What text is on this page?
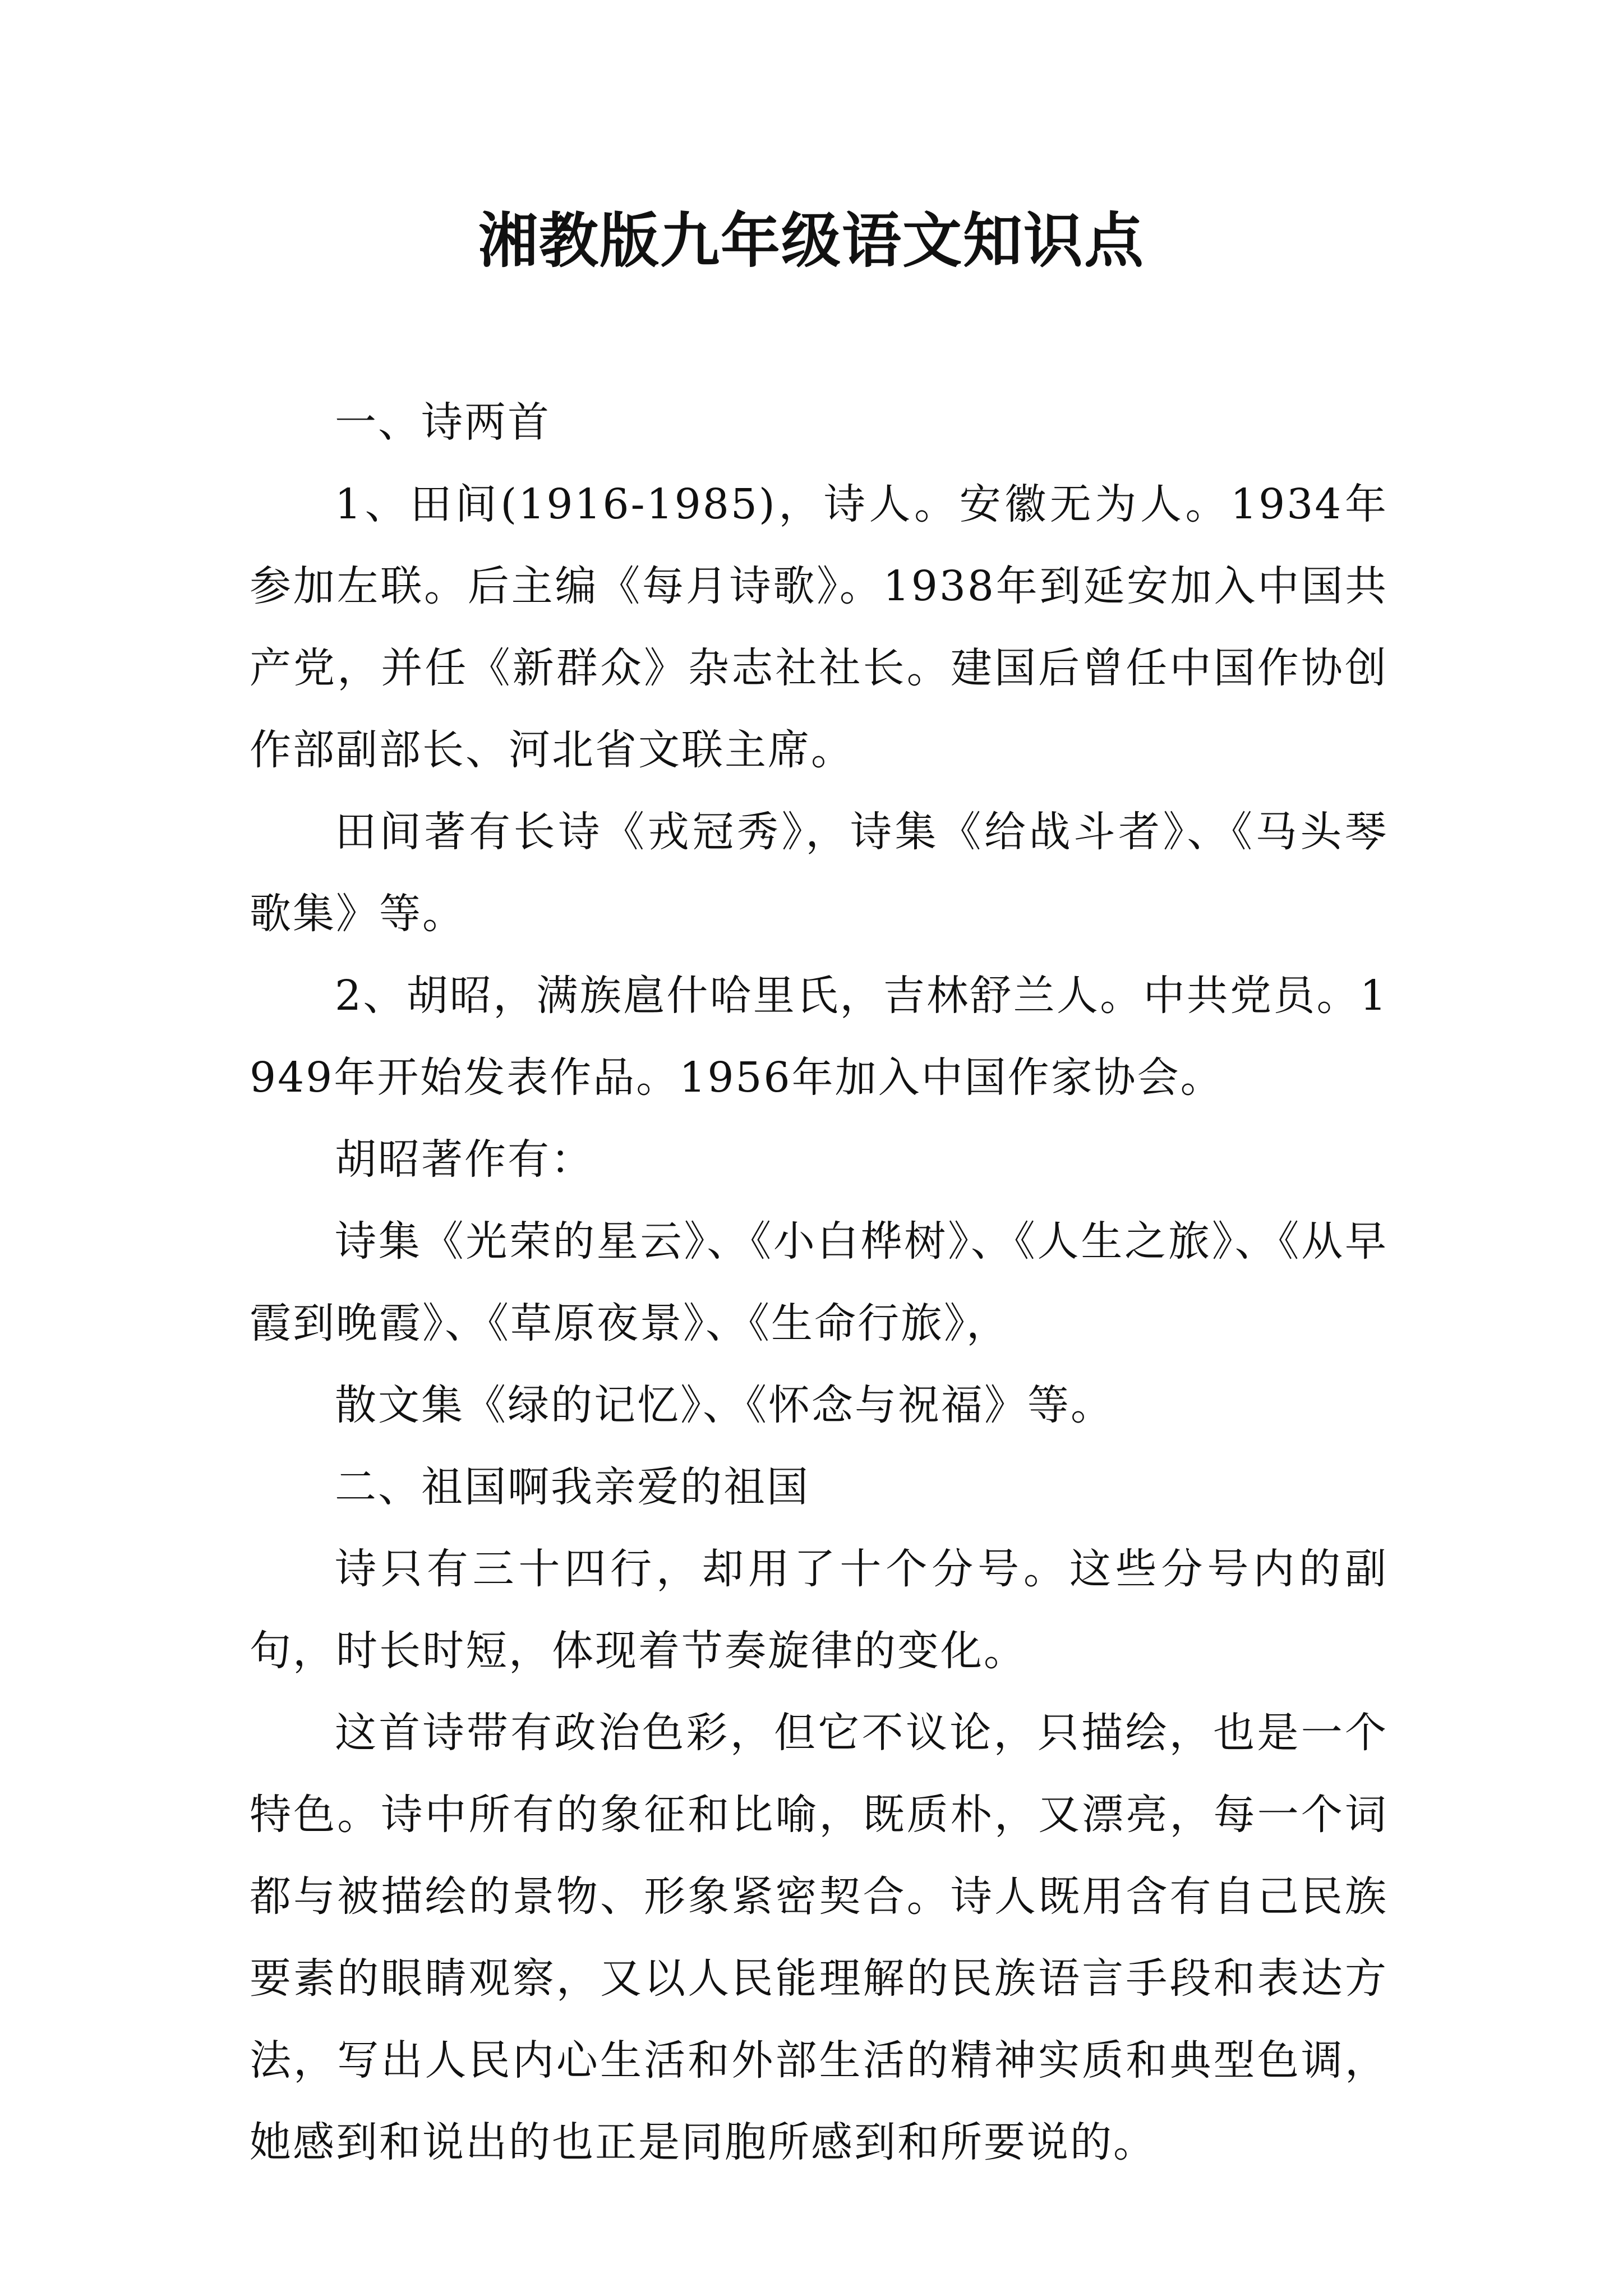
湘教版九年级语文知识点

一、诗两首

1、田间(1916-1985)，诗人。安徽无为人。1934年参加左联。后主编《每月诗歌》。1938年到延安加入中国共产党，并任《新群众》杂志社社长。建国后曾任中国作协创作部副部长、河北省文联主席。

田间著有长诗《戎冠秀》，诗集《给战斗者》、《马头琴歌集》等。

2、胡昭，满族扈什哈里氏，吉林舒兰人。中共党员。1949年开始发表作品。1956年加入中国作家协会。

胡昭著作有：

诗集《光荣的星云》、《小白桦树》、《人生之旅》、《从早霞到晚霞》、《草原夜景》、《生命行旅》，

散文集《绿的记忆》、《怀念与祝福》等。

二、祖国啊我亲爱的祖国

诗只有三十四行，却用了十个分号。这些分号内的副句，时长时短，体现着节奏旋律的变化。

这首诗带有政治色彩，但它不议论，只描绘，也是一个特色。诗中所有的象征和比喻，既质朴，又漂亮，每一个词都与被描绘的景物、形象紧密契合。诗人既用含有自己民族要素的眼睛观察，又以人民能理解的民族语言手段和表达方法，写出人民内心生活和外部生活的精神实质和典型色调，她感到和说出的也正是同胞所感到和所要说的。
